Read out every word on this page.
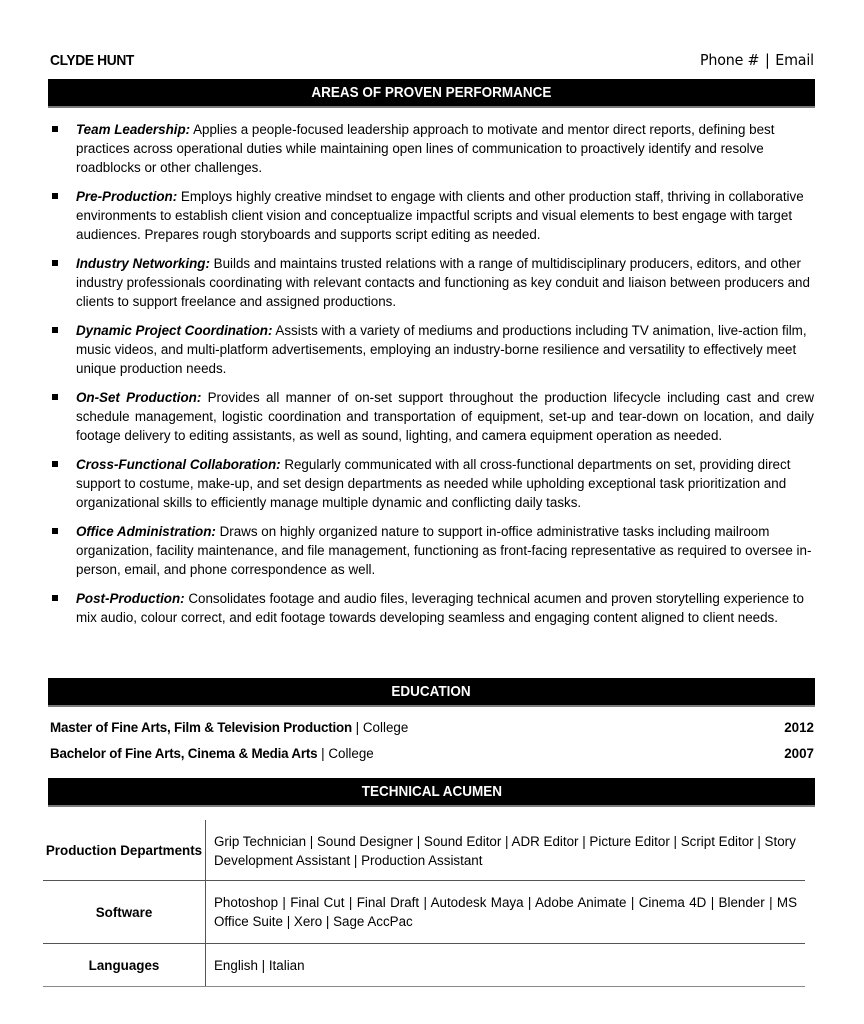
CLYDE HUNT	Phone # | Email
AREAS OF PROVEN PERFORMANCE
Team Leadership: Applies a people-focused leadership approach to motivate and mentor direct reports, defining best practices across operational duties while maintaining open lines of communication to proactively identify and resolve roadblocks or other challenges.
Pre-Production: Employs highly creative mindset to engage with clients and other production staff, thriving in collaborative environments to establish client vision and conceptualize impactful scripts and visual elements to best engage with target audiences. Prepares rough storyboards and supports script editing as needed.
Industry Networking: Builds and maintains trusted relations with a range of multidisciplinary producers, editors, and other industry professionals coordinating with relevant contacts and functioning as key conduit and liaison between producers and clients to support freelance and assigned productions.
Dynamic Project Coordination: Assists with a variety of mediums and productions including TV animation, live-action film, music videos, and multi-platform advertisements, employing an industry-borne resilience and versatility to effectively meet unique production needs.
On-Set Production: Provides all manner of on-set support throughout the production lifecycle including cast and crew schedule management, logistic coordination and transportation of equipment, set-up and tear-down on location, and daily footage delivery to editing assistants, as well as sound, lighting, and camera equipment operation as needed.
Cross-Functional Collaboration: Regularly communicated with all cross-functional departments on set, providing direct support to costume, make-up, and set design departments as needed while upholding exceptional task prioritization and organizational skills to efficiently manage multiple dynamic and conflicting daily tasks.
Office Administration: Draws on highly organized nature to support in-office administrative tasks including mailroom organization, facility maintenance, and file management, functioning as front-facing representative as required to oversee in-person, email, and phone correspondence as well.
Post-Production: Consolidates footage and audio files, leveraging technical acumen and proven storytelling experience to mix audio, colour correct, and edit footage towards developing seamless and engaging content aligned to client needs.
EDUCATION
Master of Fine Arts, Film & Television Production | College	2012
Bachelor of Fine Arts, Cinema & Media Arts | College	2007
TECHNICAL ACUMEN
Production Departments	Grip Technician | Sound Designer | Sound Editor | ADR Editor | Picture Editor | Script Editor | Story Development Assistant | Production Assistant
Software	Photoshop | Final Cut | Final Draft | Autodesk Maya | Adobe Animate | Cinema 4D | Blender | MS Office Suite | Xero | Sage AccPac
Languages	English | Italian
